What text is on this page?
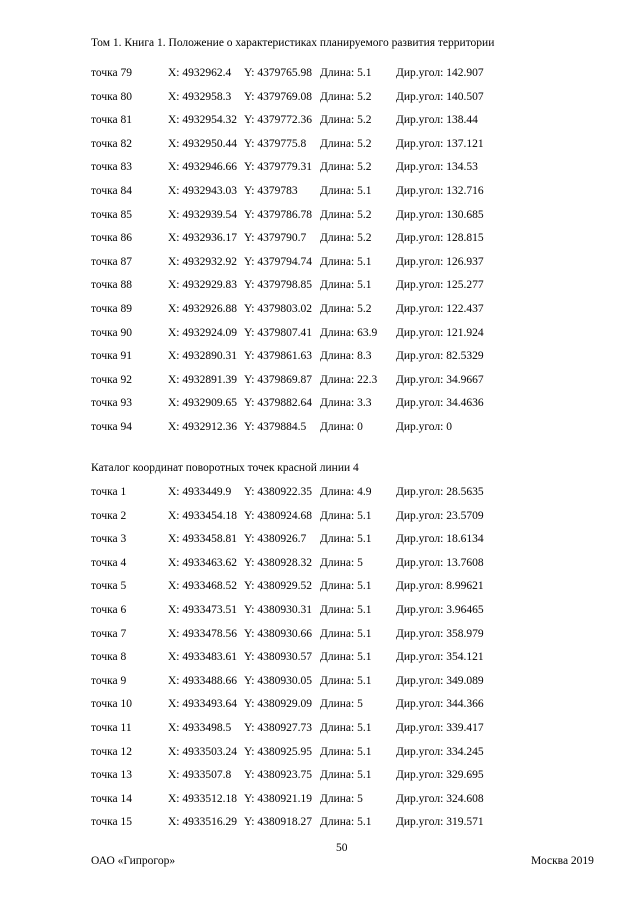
Том 1. Книга 1. Положение о характеристиках планируемого развития территории
точка 79	X: 4932962.4 Y: 4379765.98 Длина: 5.1 Дир.угол: 142.907
точка 80	X: 4932958.3 Y: 4379769.08 Длина: 5.2 Дир.угол: 140.507
точка 81	X: 4932954.32 Y: 4379772.36 Длина: 5.2 Дир.угол: 138.44
точка 82	X: 4932950.44 Y: 4379775.8 Длина: 5.2 Дир.угол: 137.121
точка 83	X: 4932946.66 Y: 4379779.31 Длина: 5.2 Дир.угол: 134.53
точка 84	X: 4932943.03 Y: 4379783 Длина: 5.1 Дир.угол: 132.716
точка 85	X: 4932939.54 Y: 4379786.78 Длина: 5.2 Дир.угол: 130.685
точка 86	X: 4932936.17 Y: 4379790.7 Длина: 5.2 Дир.угол: 128.815
точка 87	X: 4932932.92 Y: 4379794.74 Длина: 5.1 Дир.угол: 126.937
точка 88	X: 4932929.83 Y: 4379798.85 Длина: 5.1 Дир.угол: 125.277
точка 89	X: 4932926.88 Y: 4379803.02 Длина: 5.2 Дир.угол: 122.437
точка 90	X: 4932924.09 Y: 4379807.41 Длина: 63.9 Дир.угол: 121.924
точка 91	X: 4932890.31 Y: 4379861.63 Длина: 8.3 Дир.угол: 82.5329
точка 92	X: 4932891.39 Y: 4379869.87 Длина: 22.3 Дир.угол: 34.9667
точка 93	X: 4932909.65 Y: 4379882.64 Длина: 3.3 Дир.угол: 34.4636
точка 94	X: 4932912.36 Y: 4379884.5 Длина: 0	Дир.угол: 0
Каталог координат поворотных точек красной линии 4
точка 1	X: 4933449.9 Y: 4380922.35 Длина: 4.9 Дир.угол: 28.5635
точка 2	X: 4933454.18 Y: 4380924.68 Длина: 5.1 Дир.угол: 23.5709
точка 3	X: 4933458.81 Y: 4380926.7 Длина: 5.1 Дир.угол: 18.6134
точка 4	X: 4933463.62 Y: 4380928.32 Длина: 5	Дир.угол: 13.7608
точка 5	X: 4933468.52 Y: 4380929.52 Длина: 5.1 Дир.угол: 8.99621
точка 6	X: 4933473.51 Y: 4380930.31 Длина: 5.1 Дир.угол: 3.96465
точка 7	X: 4933478.56 Y: 4380930.66 Длина: 5.1 Дир.угол: 358.979
точка 8	X: 4933483.61 Y: 4380930.57 Длина: 5.1 Дир.угол: 354.121
точка 9	X: 4933488.66 Y: 4380930.05 Длина: 5.1 Дир.угол: 349.089
точка 10	X: 4933493.64 Y: 4380929.09 Длина: 5	Дир.угол: 344.366
точка 11	X: 4933498.5 Y: 4380927.73 Длина: 5.1 Дир.угол: 339.417
точка 12	X: 4933503.24 Y: 4380925.95 Длина: 5.1 Дир.угол: 334.245
точка 13	X: 4933507.8 Y: 4380923.75 Длина: 5.1 Дир.угол: 329.695
точка 14	X: 4933512.18 Y: 4380921.19 Длина: 5	Дир.угол: 324.608
точка 15	X: 4933516.29 Y: 4380918.27 Длина: 5.1 Дир.угол: 319.571
50
ОАО «Гипрогор»	Москва 2019
